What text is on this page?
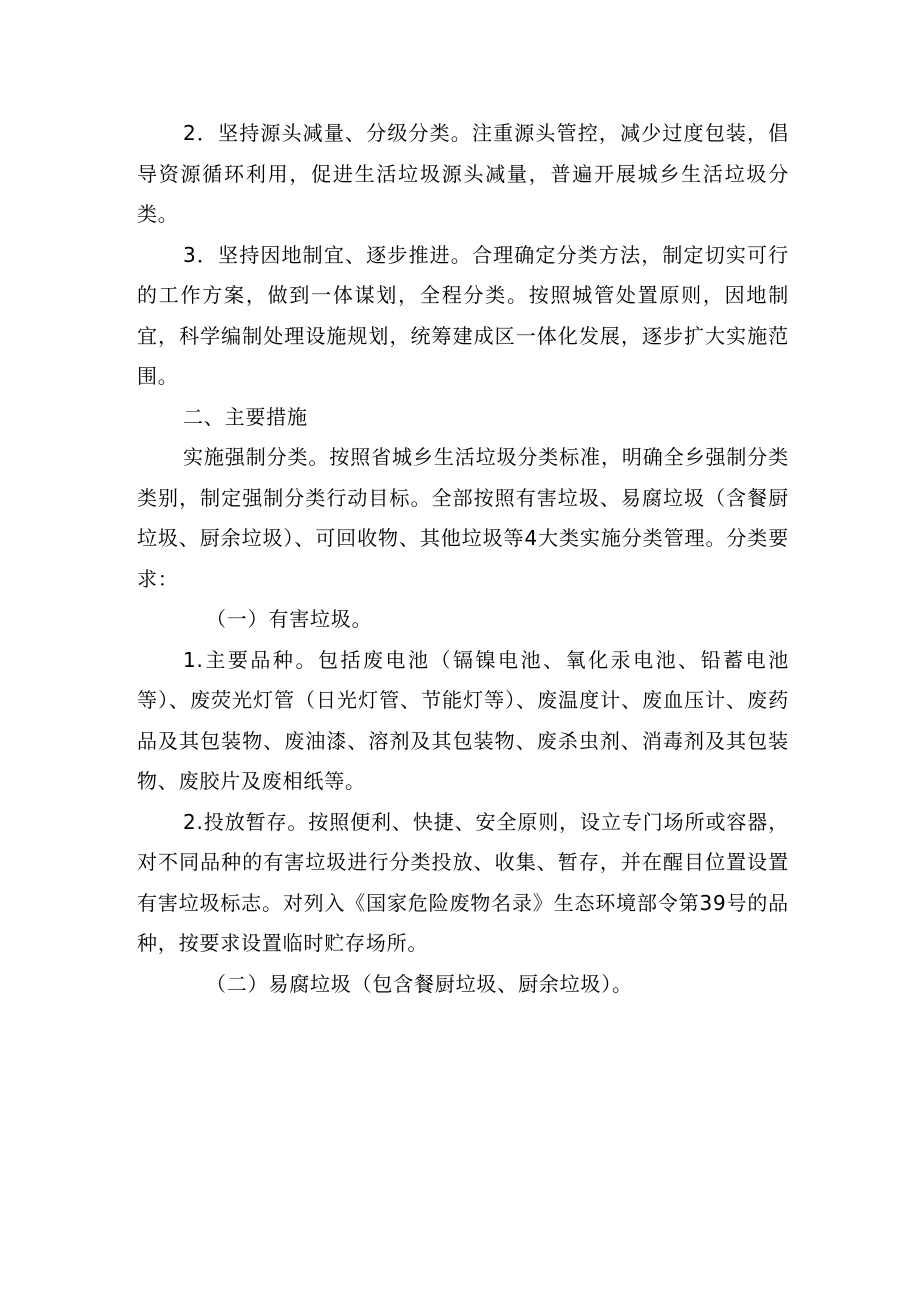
2．坚持源头减量、分级分类。注重源头管控，减少过度包装，倡导资源循环利用，促进生活垃圾源头减量，普遍开展城乡生活垃圾分类。

3．坚持因地制宜、逐步推进。合理确定分类方法，制定切实可行的工作方案，做到一体谋划，全程分类。按照城管处置原则，因地制宜，科学编制处理设施规划，统筹建成区一体化发展，逐步扩大实施范围。

二、主要措施

实施强制分类。按照省城乡生活垃圾分类标准，明确全乡强制分类类别，制定强制分类行动目标。全部按照有害垃圾、易腐垃圾（含餐厨垃圾、厨余垃圾）、可回收物、其他垃圾等4大类实施分类管理。分类要求：

（一）有害垃圾。

1.主要品种。包括废电池（镉镍电池、氧化汞电池、铅蓄电池等）、废荧光灯管（日光灯管、节能灯等）、废温度计、废血压计、废药品及其包装物、废油漆、溶剂及其包装物、废杀虫剂、消毒剂及其包装物、废胶片及废相纸等。

2.投放暂存。按照便利、快捷、安全原则，设立专门场所或容器，对不同品种的有害垃圾进行分类投放、收集、暂存，并在醒目位置设置有害垃圾标志。对列入《国家危险废物名录》生态环境部令第39号的品种，按要求设置临时贮存场所。

（二）易腐垃圾（包含餐厨垃圾、厨余垃圾）。
